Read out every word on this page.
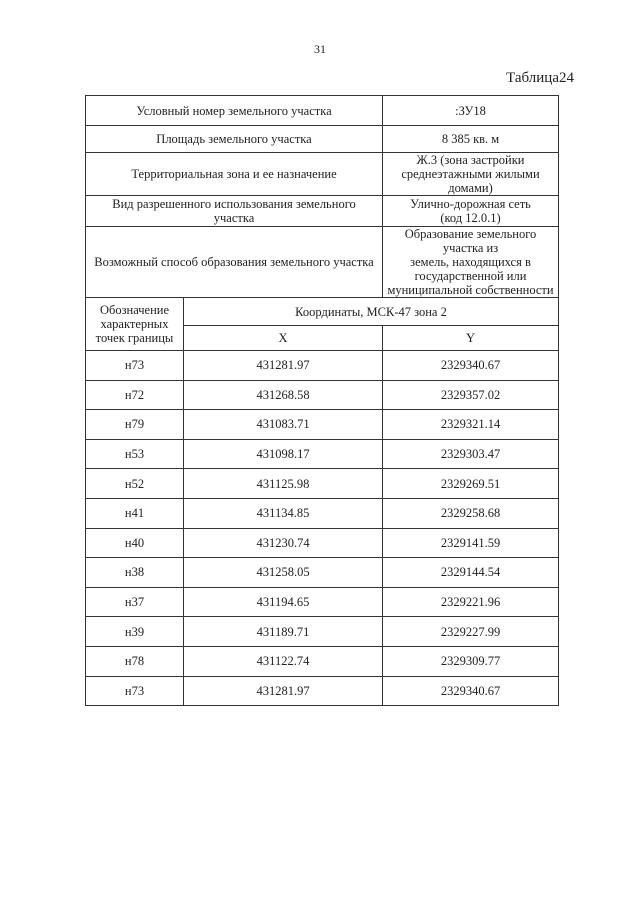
31
Таблица24
Условный номер земельного участка		:ЗУ18
Площадь земельного участка		8 385 кв. м
Территориальная зона и ее назначение		Ж.3 (зона застройки
среднеэтажными жилыми домами)
Вид разрешенного использования земельного
участка		Улично-дорожная сеть
(код 12.0.1)
Возможный способ образования земельного участка		Образование земельного участка из
земель, находящихся в
государственной или
муниципальной собственности
Обозначение
характерных
точек границы	Координаты, МСК-47 зона 2	
	X	Y
н73	431281.97	2329340.67
н72	431268.58	2329357.02
н79	431083.71	2329321.14
н53	431098.17	2329303.47
н52	431125.98	2329269.51
н41	431134.85	2329258.68
н40	431230.74	2329141.59
н38	431258.05	2329144.54
н37	431194.65	2329221.96
н39	431189.71	2329227.99
н78	431122.74	2329309.77
н73	431281.97	2329340.67
